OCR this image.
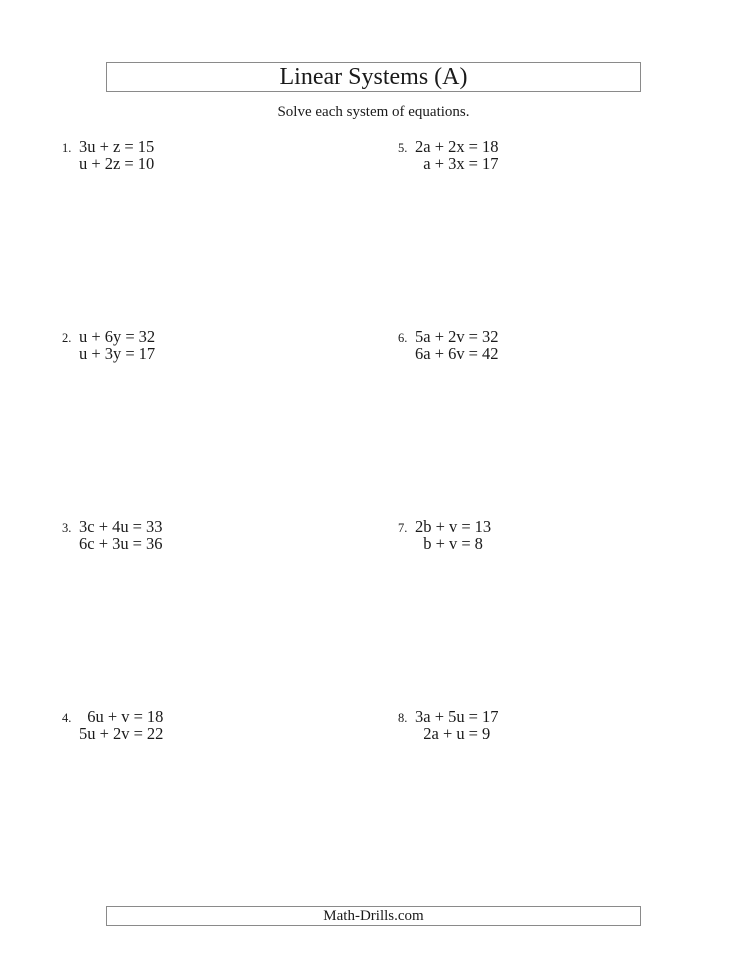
Linear Systems (A)
Solve each system of equations.
1. 3u + z = 15
u + 2z = 10
2. u + 6y = 32
u + 3y = 17
3. 3c + 4u = 33
6c + 3u = 36
4. 6u + v = 18
5u + 2v = 22
5. 2a + 2x = 18
a + 3x = 17
6. 5a + 2v = 32
6a + 6v = 42
7. 2b + v = 13
b + v = 8
8. 3a + 5u = 17
2a + u = 9
Math-Drills.com
